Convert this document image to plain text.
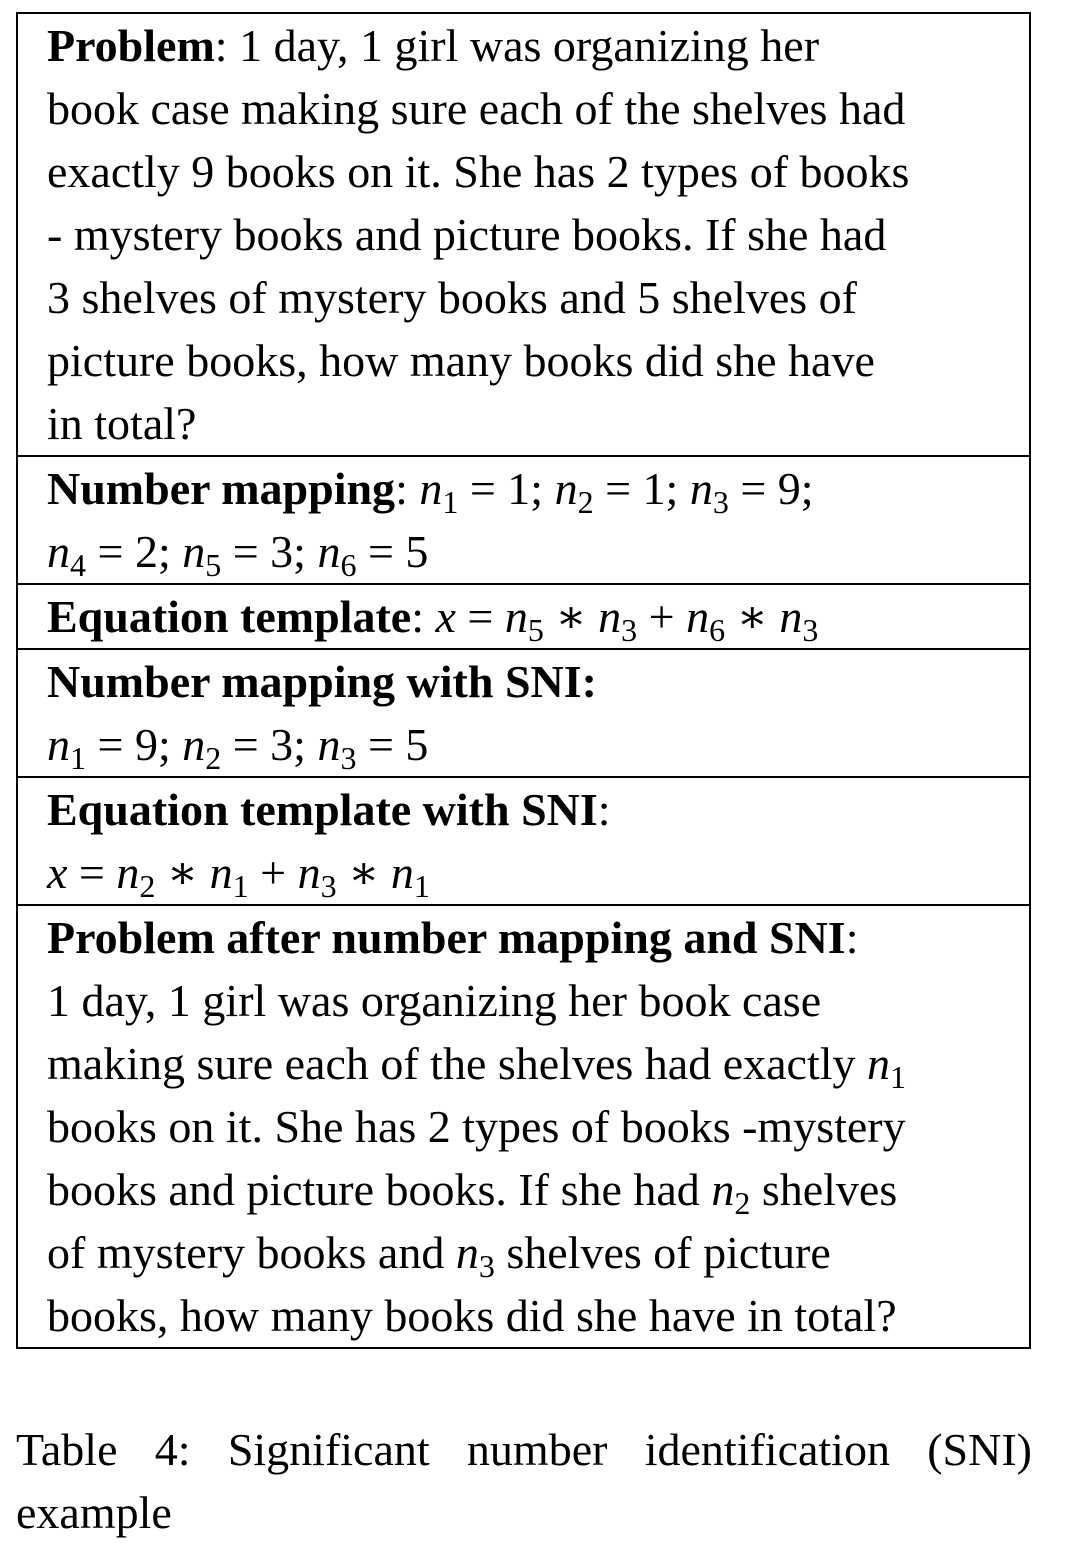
Problem: 1 day, 1 girl was organizing her
book case making sure each of the shelves had
exactly 9 books on it. She has 2 types of books
- mystery books and picture books. If she had
3 shelves of mystery books and 5 shelves of
picture books, how many books did she have
in total?
Number mapping: $n_1 = 1$; $n_2 = 1$; $n_3 = 9$;
$n_4 = 2$; $n_5 = 3$; $n_6 = 5$
Equation template: $x = n_5$ ∗ $n_3 + n_6$ ∗ $n_3$
Number mapping with SNI:
$n_1 = 9$; $n_2 = 3$; $n_3 = 5$
Equation template with SNI:
$x = n_2$ ∗ $n_1 + n_3$ ∗ $n_1$
Problem after number mapping and SNI:
1 day, 1 girl was organizing her book case
making sure each of the shelves had exactly $n_1$
books on it. She has 2 types of books -mystery
books and picture books. If she had $n_2$ shelves
of mystery books and $n_3$ shelves of picture
books, how many books did she have in total?
Table 4: Significant number identification (SNI)
example
